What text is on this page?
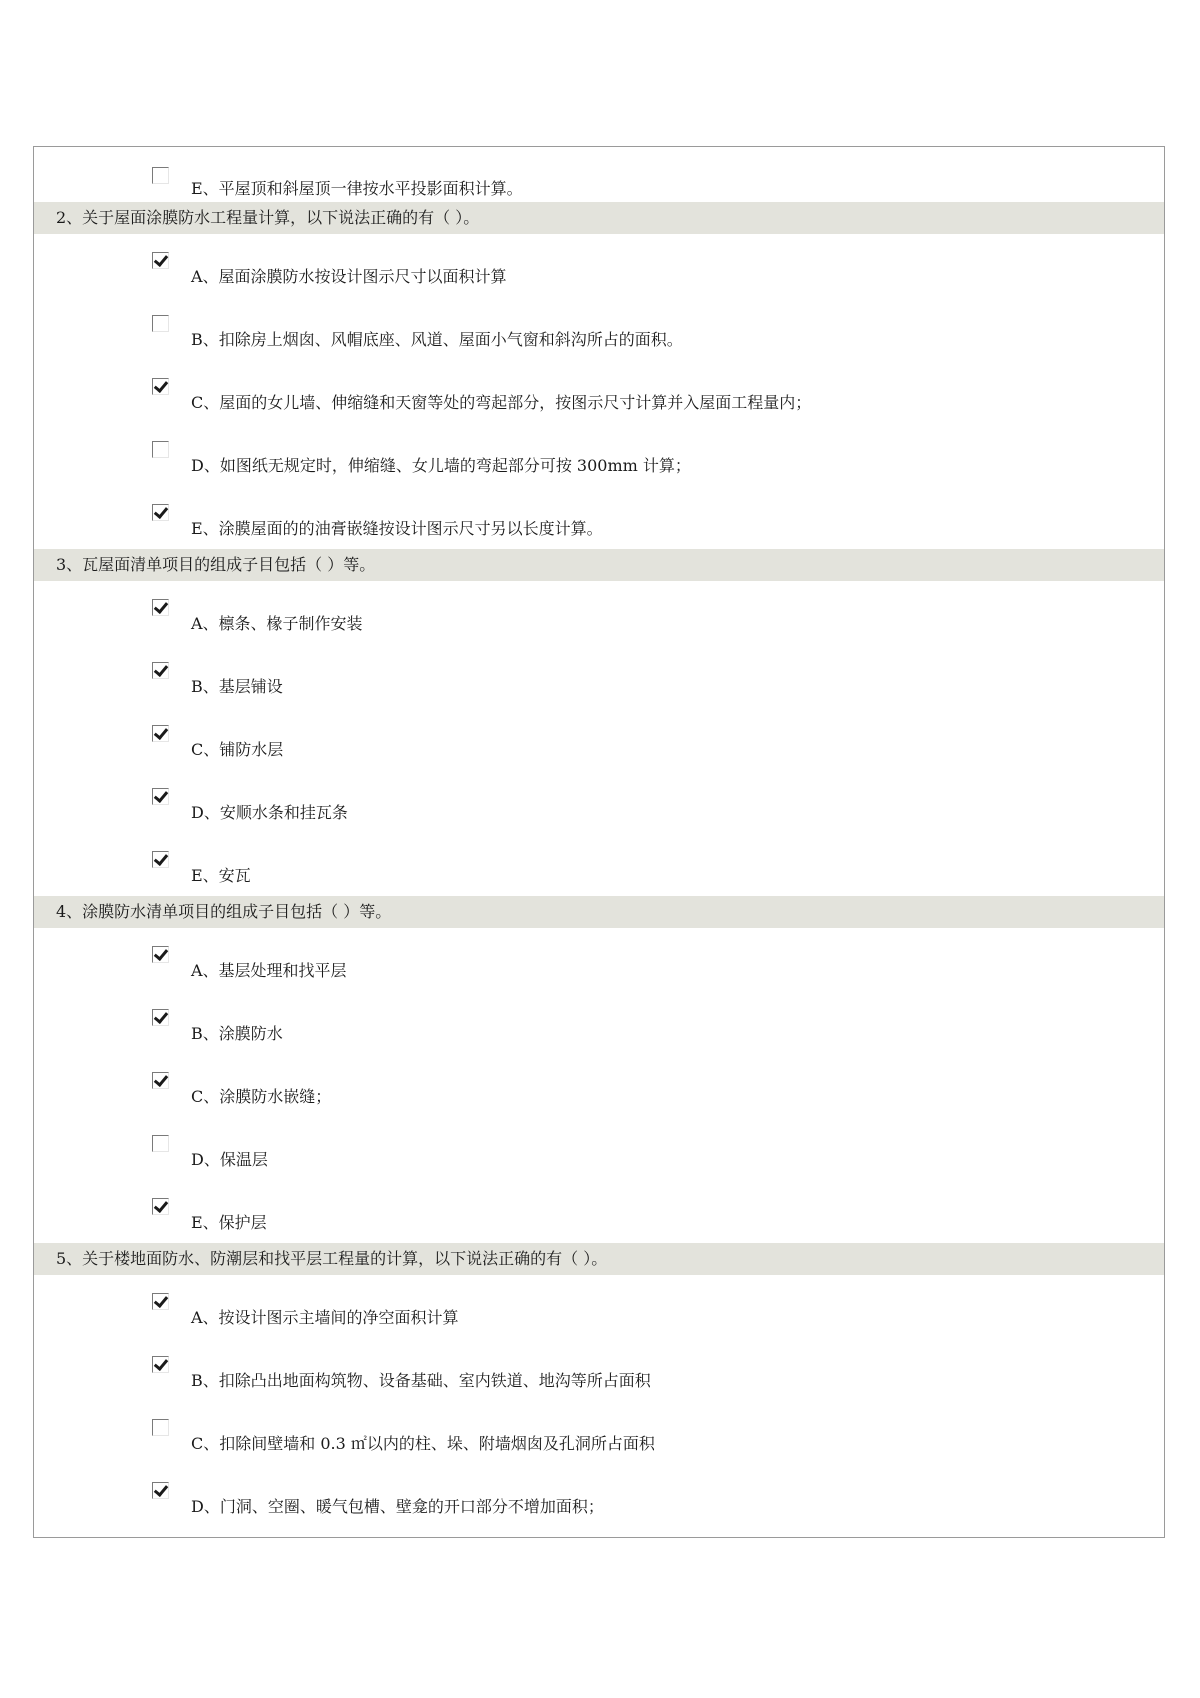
E、平屋顶和斜屋顶一律按水平投影面积计算。
2、关于屋面涂膜防水工程量计算，以下说法正确的有（ ）。
A、屋面涂膜防水按设计图示尺寸以面积计算
B、扣除房上烟囱、风帽底座、风道、屋面小气窗和斜沟所占的面积。
C、屋面的女儿墙、伸缩缝和天窗等处的弯起部分，按图示尺寸计算并入屋面工程量内；
D、如图纸无规定时，伸缩缝、女儿墙的弯起部分可按 300mm 计算；
E、涂膜屋面的的油膏嵌缝按设计图示尺寸另以长度计算。
3、瓦屋面清单项目的组成子目包括（ ）等。
A、檩条、椽子制作安装
B、基层铺设
C、铺防水层
D、安顺水条和挂瓦条
E、安瓦
4、涂膜防水清单项目的组成子目包括（ ）等。
A、基层处理和找平层
B、涂膜防水
C、涂膜防水嵌缝；
D、保温层
E、保护层
5、关于楼地面防水、防潮层和找平层工程量的计算，以下说法正确的有（ ）。
A、按设计图示主墙间的净空面积计算
B、扣除凸出地面构筑物、设备基础、室内铁道、地沟等所占面积
C、扣除间壁墙和 0.3 ㎡以内的柱、垛、附墙烟囱及孔洞所占面积
D、门洞、空圈、暖气包槽、壁龛的开口部分不增加面积；
